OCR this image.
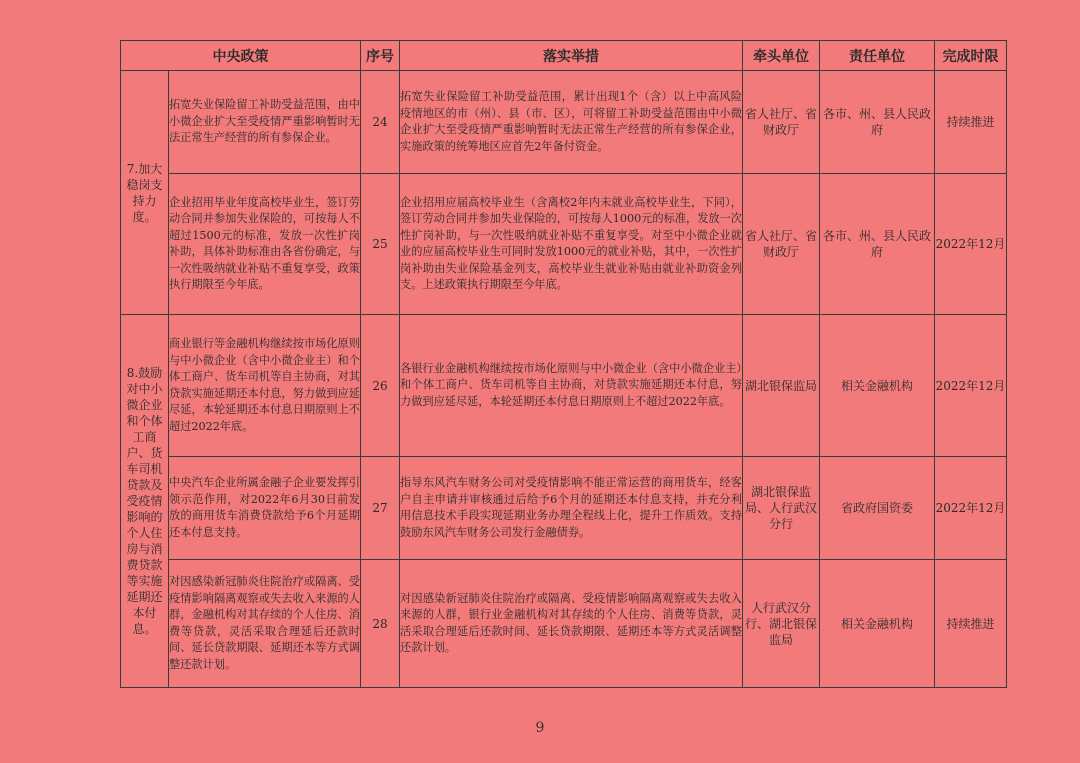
中央政策		序号	落实举措	牵头单位	责任单位	完成时限
7.加大稳岗支持力度。	拓宽失业保险留工补助受益范围，由中小微企业扩大至受疫情严重影响暂时无法正常生产经营的所有参保企业。	24	拓宽失业保险留工补助受益范围，累计出现1个（含）以上中高风险疫情地区的市（州）、县（市、区），可将留工补助受益范围由中小微企业扩大至受疫情严重影响暂时无法正常生产经营的所有参保企业，实施政策的统筹地区应首先2年备付资金。	省人社厅、省财政厅	各市、州、县人民政府	持续推进
	企业招用毕业年度高校毕业生，签订劳动合同并参加失业保险的，可按每人不超过1500元的标准，发放一次性扩岗补助，具体补助标准由各省份确定，与一次性吸纳就业补贴不重复享受，政策执行期限至今年底。	25	企业招用应届高校毕业生（含离校2年内未就业高校毕业生，下同），签订劳动合同并参加失业保险的，可按每人1000元的标准，发放一次性扩岗补助，与一次性吸纳就业补贴不重复享受。对至中小微企业就业的应届高校毕业生可同时发放1000元的就业补贴，其中，一次性扩岗补助由失业保险基金列支，高校毕业生就业补贴由就业补助资金列支。上述政策执行期限至今年底。	省人社厅、省财政厅	各市、州、县人民政府	2022年12月
8.鼓励对中小微企业和个体工商户、货车司机贷款及受疫情影响的个人住房与消费贷款等实施延期还本付息。	商业银行等金融机构继续按市场化原则与中小微企业（含中小微企业主）和个体工商户、货车司机等自主协商，对其贷款实施延期还本付息，努力做到应延尽延，本轮延期还本付息日期原则上不超过2022年底。	26	各银行业金融机构继续按市场化原则与中小微企业（含中小微企业主）和个体工商户、货车司机等自主协商，对贷款实施延期还本付息，努力做到应延尽延，本轮延期还本付息日期原则上不超过2022年底。	湖北银保监局	相关金融机构	2022年12月
	中央汽车企业所属金融子企业要发挥引领示范作用，对2022年6月30日前发放的商用货车消费贷款给予6个月延期还本付息支持。	27	指导东风汽车财务公司对受疫情影响不能正常运营的商用货车，经客户自主申请并审核通过后给予6个月的延期还本付息支持，并充分利用信息技术手段实现延期业务办理全程线上化，提升工作质效。支持鼓励东风汽车财务公司发行金融债券。	湖北银保监局、人行武汉分行	省政府国资委	2022年12月
	对因感染新冠肺炎住院治疗或隔离、受疫情影响隔离观察或失去收入来源的人群，金融机构对其存续的个人住房、消费等贷款，灵活采取合理延后还款时间、延长贷款期限、延期还本等方式调整还款计划。	28	对因感染新冠肺炎住院治疗或隔离、受疫情影响隔离观察或失去收入来源的人群，银行业金融机构对其存续的个人住房、消费等贷款，灵活采取合理延后还款时间、延长贷款期限、延期还本等方式灵活调整还款计划。	人行武汉分行、湖北银保监局	相关金融机构	持续推进
9
